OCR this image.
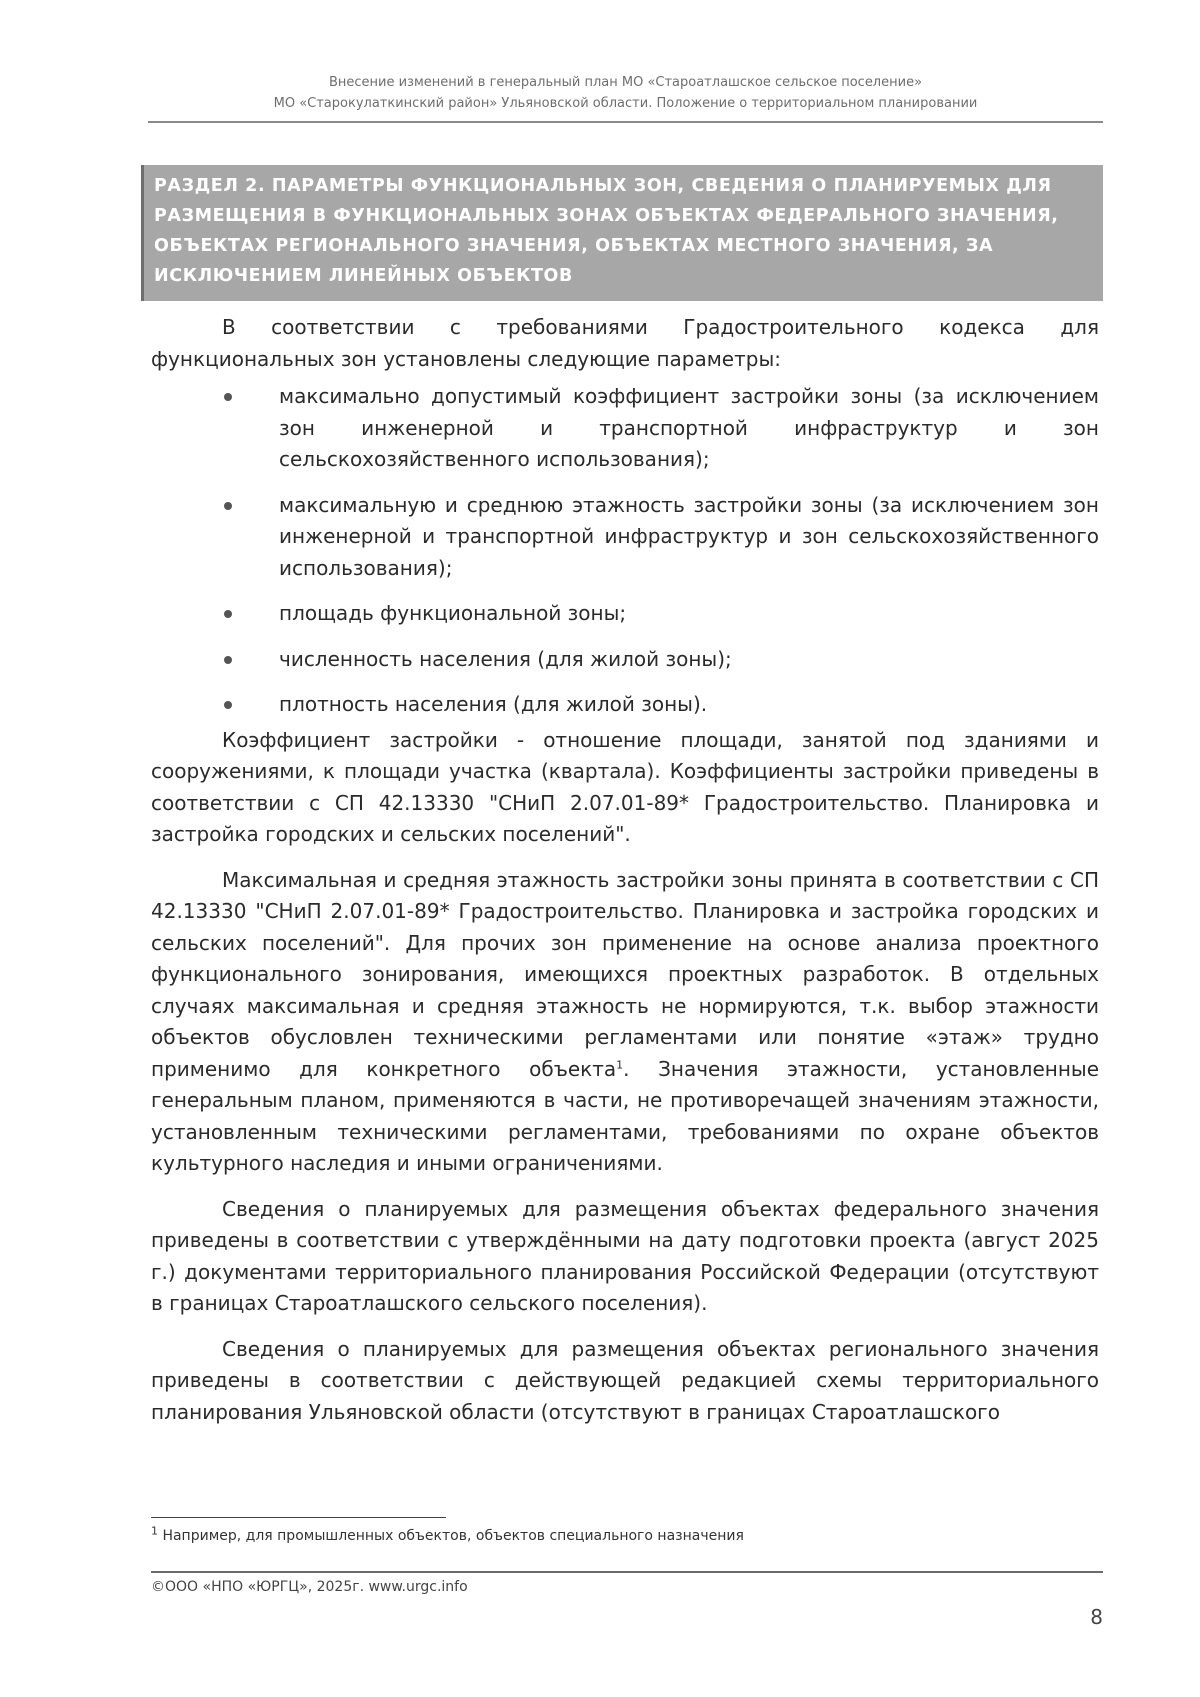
Внесение изменений в генеральный план МО «Староатлашское сельское поселение»
МО «Старокулаткинский район» Ульяновской области. Положение о территориальном планировании

РАЗДЕЛ 2. ПАРАМЕТРЫ ФУНКЦИОНАЛЬНЫХ ЗОН, СВЕДЕНИЯ О ПЛАНИРУЕМЫХ ДЛЯ РАЗМЕЩЕНИЯ В ФУНКЦИОНАЛЬНЫХ ЗОНАХ ОБЪЕКТАХ ФЕДЕРАЛЬНОГО ЗНАЧЕНИЯ, ОБЪЕКТАХ РЕГИОНАЛЬНОГО ЗНАЧЕНИЯ, ОБЪЕКТАХ МЕСТНОГО ЗНАЧЕНИЯ, ЗА ИСКЛЮЧЕНИЕМ ЛИНЕЙНЫХ ОБЪЕКТОВ

В соответствии с требованиями Градостроительного кодекса для функциональных зон установлены следующие параметры:

максимально допустимый коэффициент застройки зоны (за исключением зон инженерной и транспортной инфраструктур и зон сельскохозяйственного использования);
максимальную и среднюю этажность застройки зоны (за исключением зон инженерной и транспортной инфраструктур и зон сельскохозяйственного использования);
площадь функциональной зоны;
численность населения (для жилой зоны);
плотность населения (для жилой зоны).

Коэффициент застройки - отношение площади, занятой под зданиями и сооружениями, к площади участка (квартала). Коэффициенты застройки приведены в соответствии с СП 42.13330 "СНиП 2.07.01-89* Градостроительство. Планировка и застройка городских и сельских поселений".

Максимальная и средняя этажность застройки зоны принята в соответствии с СП 42.13330 "СНиП 2.07.01-89* Градостроительство. Планировка и застройка городских и сельских поселений". Для прочих зон применение на основе анализа проектного функционального зонирования, имеющихся проектных разработок. В отдельных случаях максимальная и средняя этажность не нормируются, т.к. выбор этажности объектов обусловлен техническими регламентами или понятие «этаж» трудно применимо для конкретного объекта$^1$. Значения этажности, установленные генеральным планом, применяются в части, не противоречащей значениям этажности, установленным техническими регламентами, требованиями по охране объектов культурного наследия и иными ограничениями.

Сведения о планируемых для размещения объектах федерального значения приведены в соответствии с утверждёнными на дату подготовки проекта (август 2025 г.) документами территориального планирования Российской Федерации (отсутствуют в границах Староатлашского сельского поселения).

Сведения о планируемых для размещения объектах регионального значения приведены в соответствии с действующей редакцией схемы территориального планирования Ульяновской области (отсутствуют в границах Староатлашского

$^1$ Например, для промышленных объектов, объектов специального назначения
©ООО «НПО «ЮРГЦ», 2025г. www.urgc.info
8
